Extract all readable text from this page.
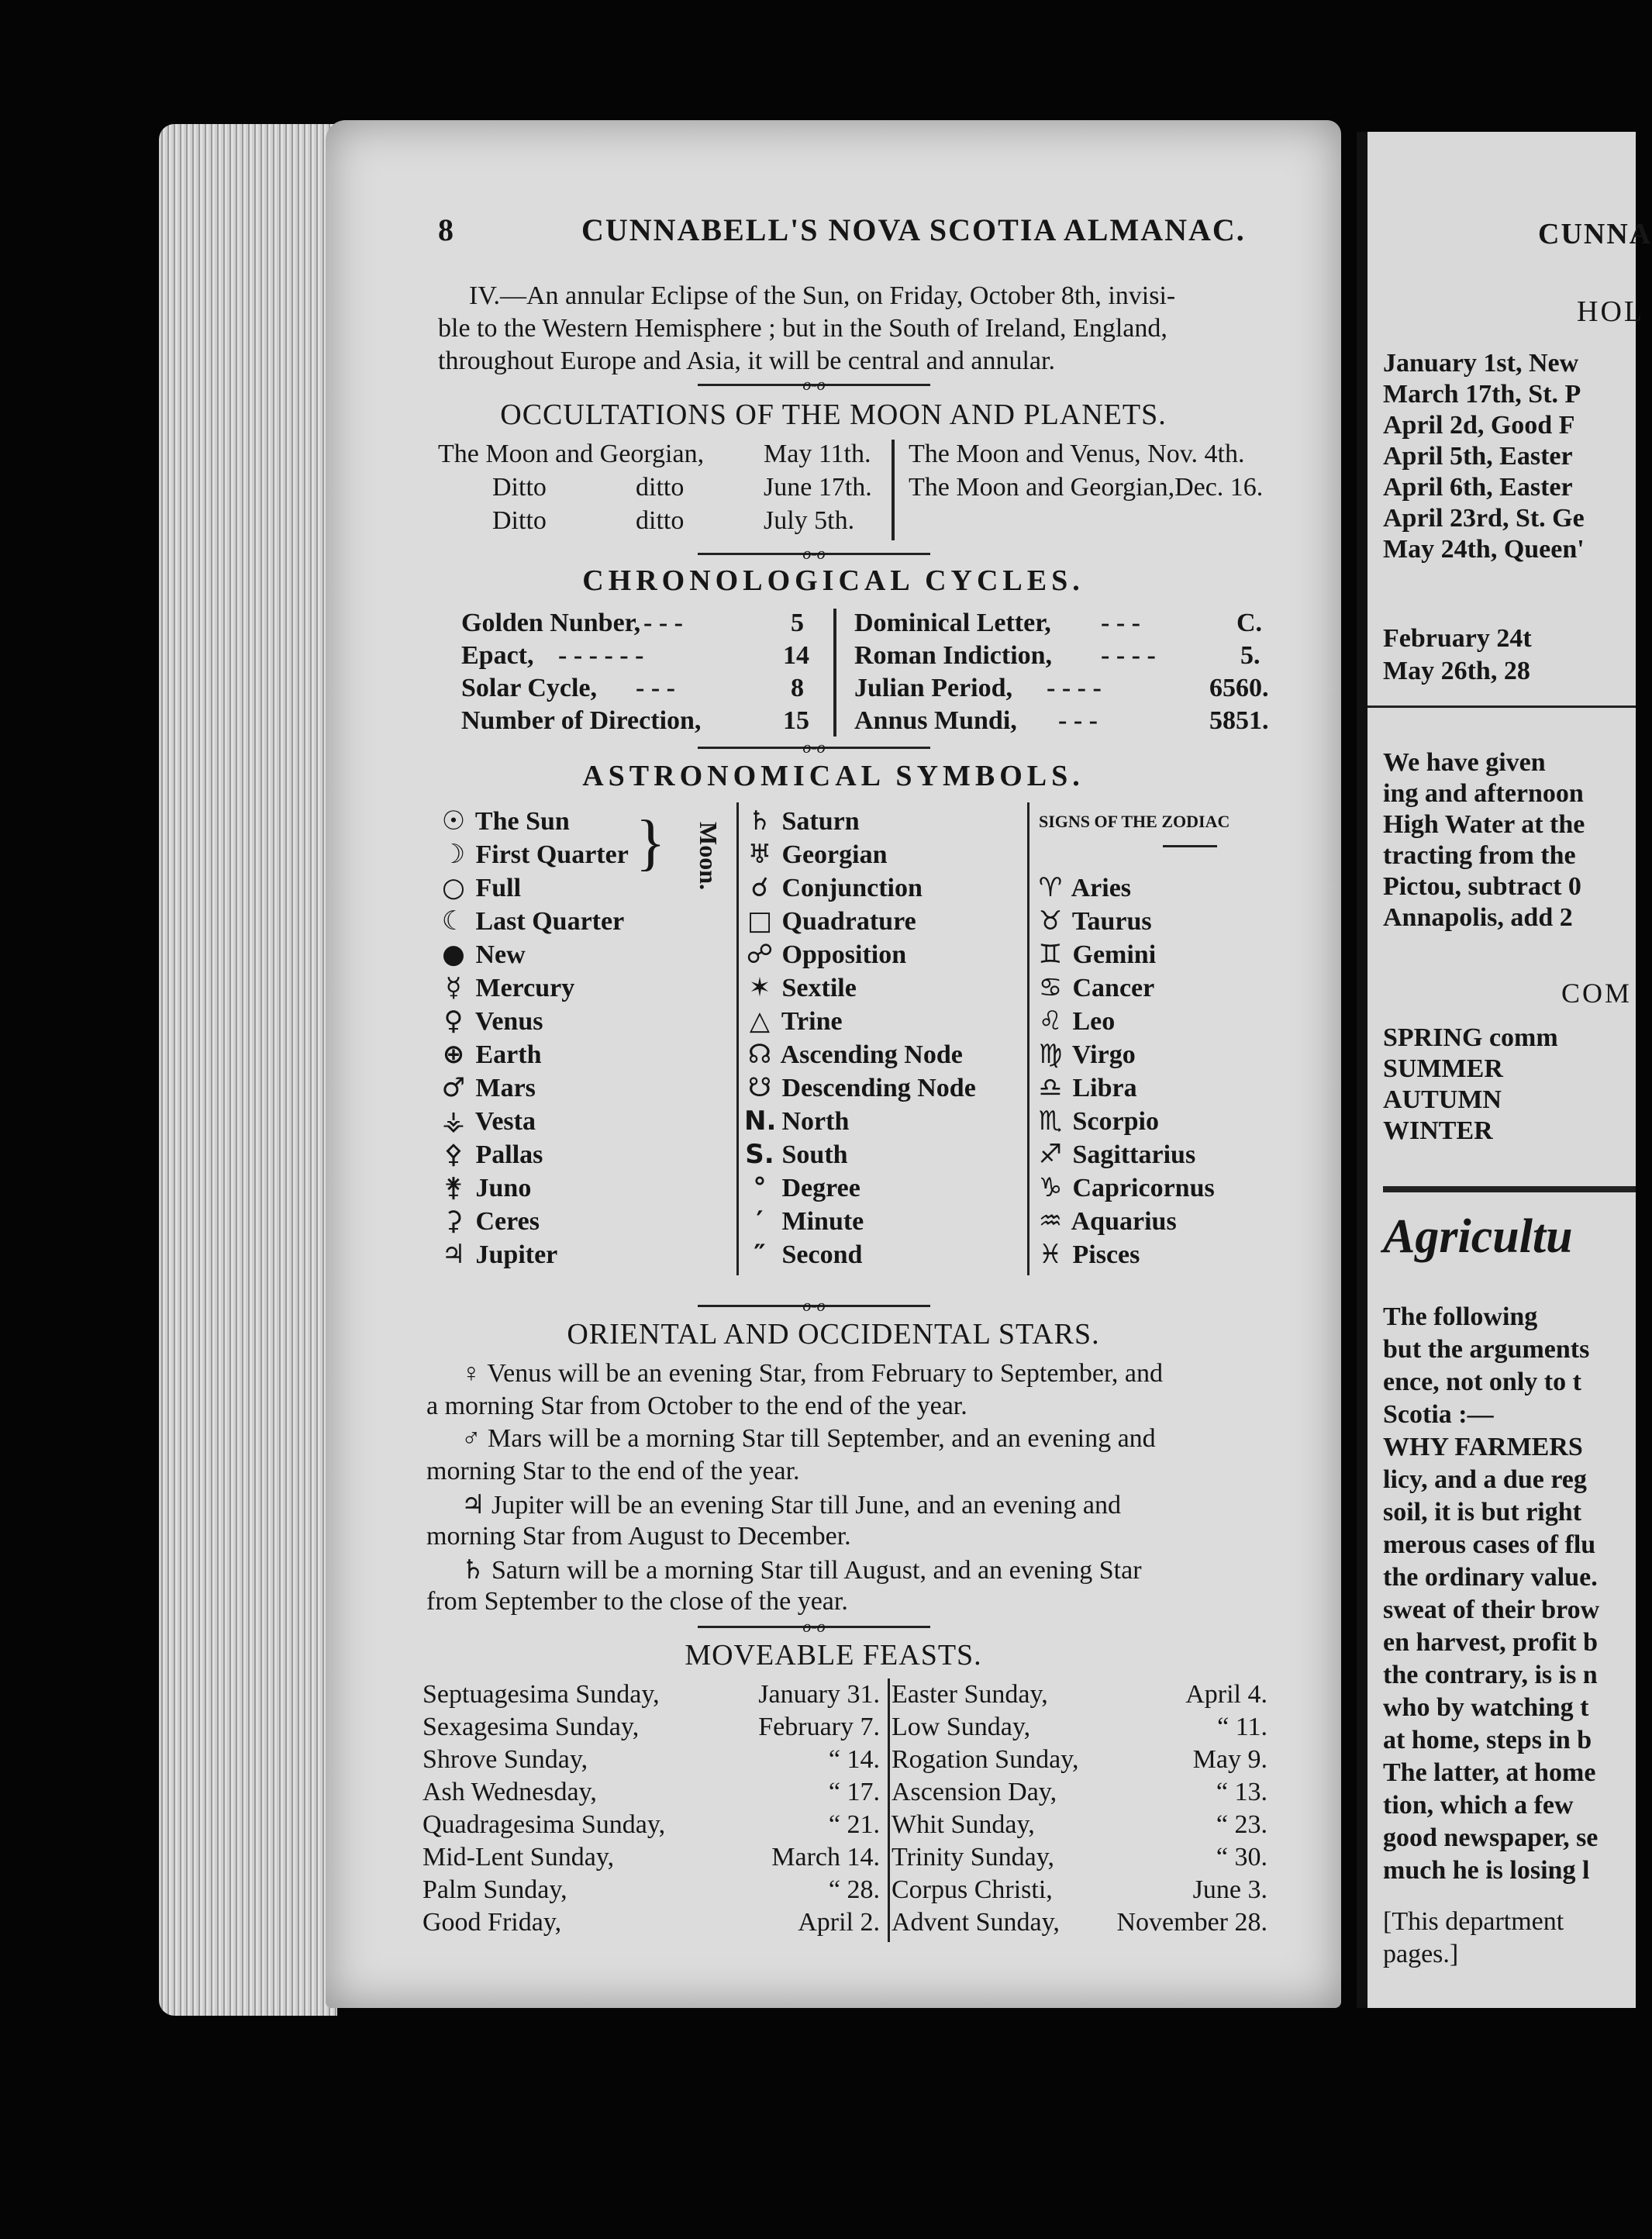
8	CUNNABELL'S NOVA SCOTIA ALMANAC.
IV.—An annular Eclipse of the Sun, on Friday, October 8th, invisi-
ble to the Western Hemisphere ; but in the South of Ireland, England,
throughout Europe and Asia, it will be central and annular.
o-o
OCCULTATIONS OF THE MOON AND PLANETS.
The Moon and Georgian, May 11th.
Ditto	ditto	June 17th.
Ditto	ditto	July 5th.
The Moon and Venus, Nov. 4th.
The Moon and Georgian,Dec. 16.
o-o
CHRONOLOGICAL CYCLES.
Golden Nunber, - - -	5
Epact, - - - - - -	14
Solar Cycle, - - -	8
Number of Direction,	15
Dominical Letter, - - -	C.
Roman Indiction, - - - -	5.
Julian Period, - - - -	6560.
Annus Mundi, - - -	5851.
o-o
ASTRONOMICAL SYMBOLS.
☉ The Sun
☽ First Quarter
○ Full
☾ Last Quarter
● New
☿ Mercury
♀ Venus
⊕ Earth
♂ Mars
⚶ Vesta
⚴ Pallas
⚵ Juno
⚳ Ceres
♃ Jupiter
} Moon.
♄ Saturn
♅ Georgian
☌ Conjunction
□ Quadrature
☍ Opposition
✶ Sextile
△ Trine
☊ Ascending Node
☋ Descending Node
N. North
S. South
° Degree
′ Minute
″ Second
SIGNS OF THE ZODIAC
♈ Aries
♉ Taurus
♊ Gemini
♋ Cancer
♌ Leo
♍ Virgo
♎ Libra
♏ Scorpio
♐ Sagittarius
♑ Capricornus
♒ Aquarius
♓ Pisces
o-o
ORIENTAL AND OCCIDENTAL STARS.
♀ Venus will be an evening Star, from February to September, and
a morning Star from October to the end of the year.
♂ Mars will be a morning Star till September, and an evening and
morning Star to the end of the year.
♃ Jupiter will be an evening Star till June, and an evening and
morning Star from August to December.
♄ Saturn will be a morning Star till August, and an evening Star
from September to the close of the year.
o-o
MOVEABLE FEASTS.
Septuagesima Sunday,	January 31.
Sexagesima Sunday,	February 7.
Shrove Sunday,	“ 14.
Ash Wednesday,	“ 17.
Quadragesima Sunday,	“ 21.
Mid-Lent Sunday,	March 14.
Palm Sunday,	“ 28.
Good Friday,	April 2.
Easter Sunday,	April 4.
Low Sunday,	“ 11.
Rogation Sunday,	May 9.
Ascension Day,	“ 13.
Whit Sunday,	“ 23.
Trinity Sunday,	“ 30.
Corpus Christi,	June 3.
Advent Sunday, November 28.
CUNNA
HOL
January 1st, New
March 17th, St. P
April 2d, Good F
April 5th, Easter
April 6th, Easter
April 23rd, St. Ge
May 24th, Queen'
February 24t
May 26th, 28
We have given
ing and afternoon
High Water at the
tracting from the
Pictou, subtract 0
Annapolis, add 2
COM
SPRING comm
SUMMER
AUTUMN
WINTER
Agricultu
The following
but the arguments
ence, not only to t
Scotia :—
WHY FARMERS
licy, and a due reg
soil, it is but right
merous cases of flu
the ordinary value.
sweat of their brow
en harvest, profit b
the contrary, is is n
who by watching t
at home, steps in b
The latter, at home
tion, which a few
good newspaper, se
much he is losing l
[This department
pages.]
